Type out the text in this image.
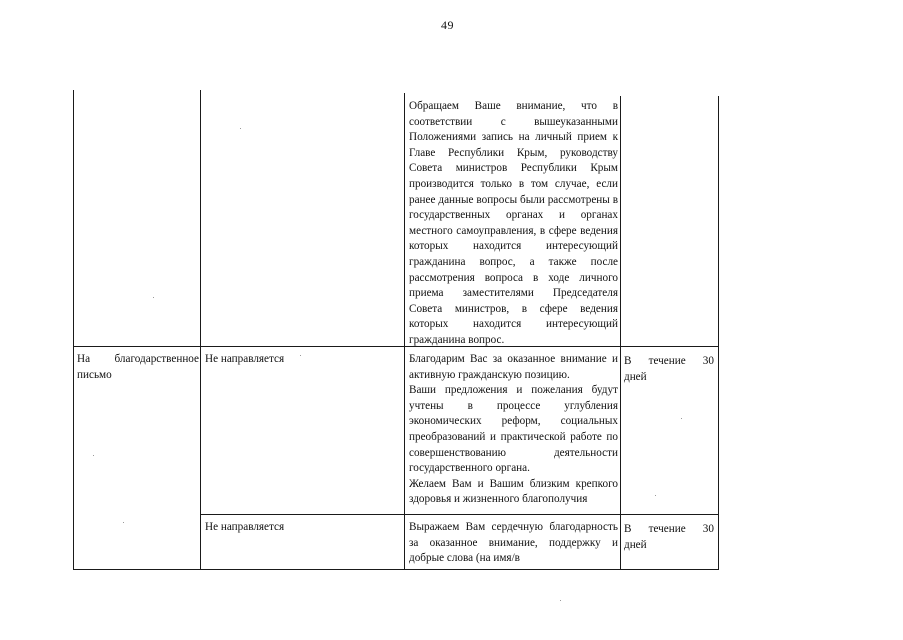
49

Обращаем Ваше внимание, что в соответствии с вышеуказанными Положениями запись на личный прием к Главе Республики Крым, руководству Совета министров Республики Крым производится только в том случае, если ранее данные вопросы были рассмотрены в государственных органах и органах местного самоуправления, в сфере ведения которых находится интересующий гражданина вопрос, а также после рассмотрения вопроса в ходе личного приема заместителями Председателя Совета министров, в сфере ведения которых находится интересующий гражданина вопрос.

На благодарственное письмо
Не направляется	Благодарим Вас за оказанное внимание и активную гражданскую позицию.

Ваши предложения и пожелания будут учтены в процессе углубления экономических реформ, социальных преобразований и практической работе по совершенствованию деятельности государственного органа.

Желаем Вам и Вашим близким крепкого здоровья и жизненного благополучия

В течение 30
дней
Не направляется	Выражаем Вам сердечную благодарность за оказанное внимание, поддержку и добрые слова (на имя/в

В течение 30
дней
